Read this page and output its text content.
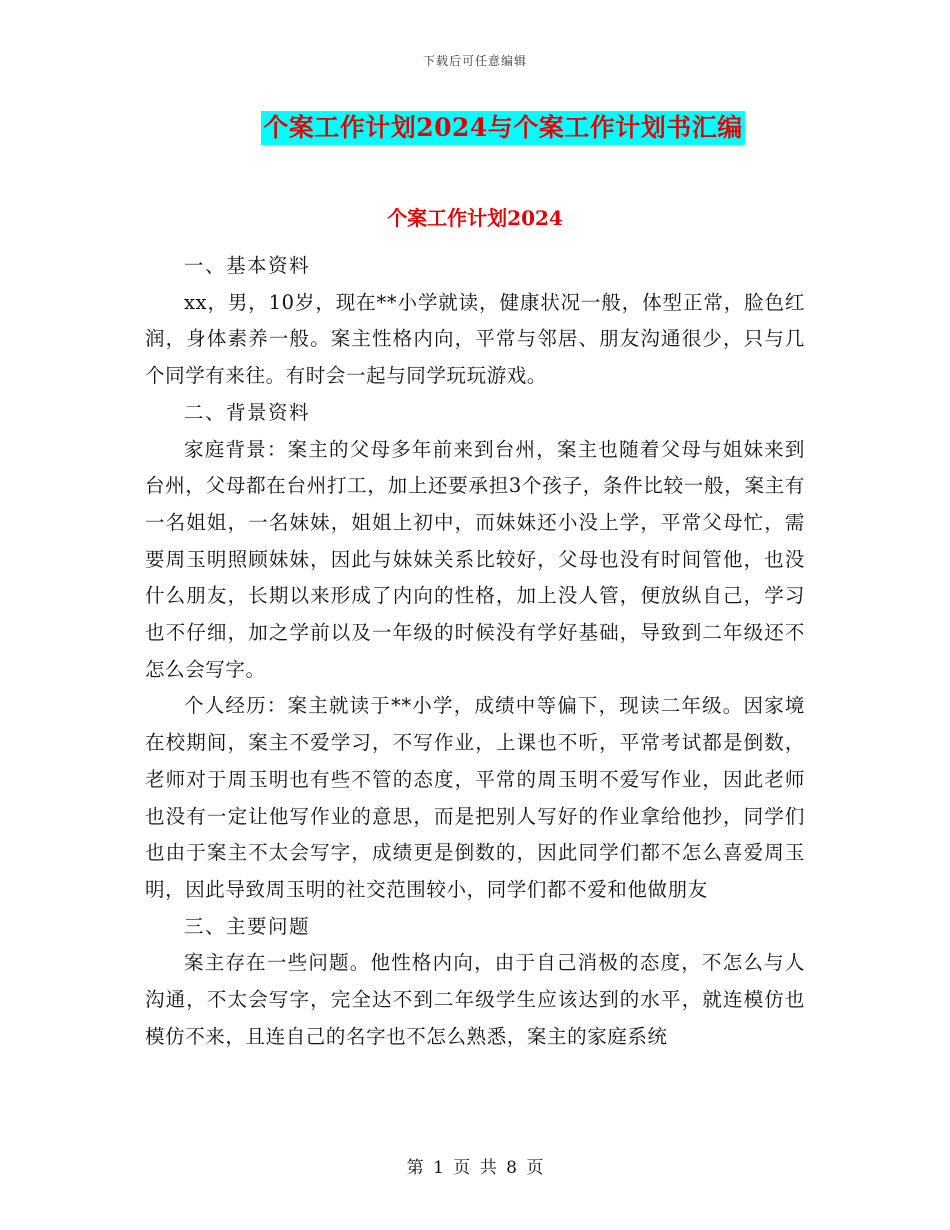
下载后可任意编辑
个案工作计划2024与个案工作计划书汇编
个案工作计划2024

一、基本资料

xx，男，10岁，现在**小学就读，健康状况一般，体型正常，脸色红润，身体素养一般。案主性格内向，平常与邻居、朋友沟通很少，只与几个同学有来往。有时会一起与同学玩玩游戏。

二、背景资料

家庭背景：案主的父母多年前来到台州，案主也随着父母与姐妹来到台州，父母都在台州打工，加上还要承担3个孩子，条件比较一般，案主有一名姐姐，一名妹妹，姐姐上初中，而妹妹还小没上学，平常父母忙，需要周玉明照顾妹妹，因此与妹妹关系比较好，父母也没有时间管他，也没什么朋友，长期以来形成了内向的性格，加上没人管，便放纵自己，学习也不仔细，加之学前以及一年级的时候没有学好基础，导致到二年级还不怎么会写字。

个人经历：案主就读于**小学，成绩中等偏下，现读二年级。因家境在校期间，案主不爱学习，不写作业，上课也不听，平常考试都是倒数，老师对于周玉明也有些不管的态度，平常的周玉明不爱写作业，因此老师也没有一定让他写作业的意思，而是把别人写好的作业拿给他抄，同学们也由于案主不太会写字，成绩更是倒数的，因此同学们都不怎么喜爱周玉明，因此导致周玉明的社交范围较小，同学们都不爱和他做朋友

三、主要问题

案主存在一些问题。他性格内向，由于自己消极的态度，不怎么与人沟通，不太会写字，完全达不到二年级学生应该达到的水平，就连模仿也模仿不来，且连自己的名字也不怎么熟悉，案主的家庭系统

第 1 页 共 8 页
